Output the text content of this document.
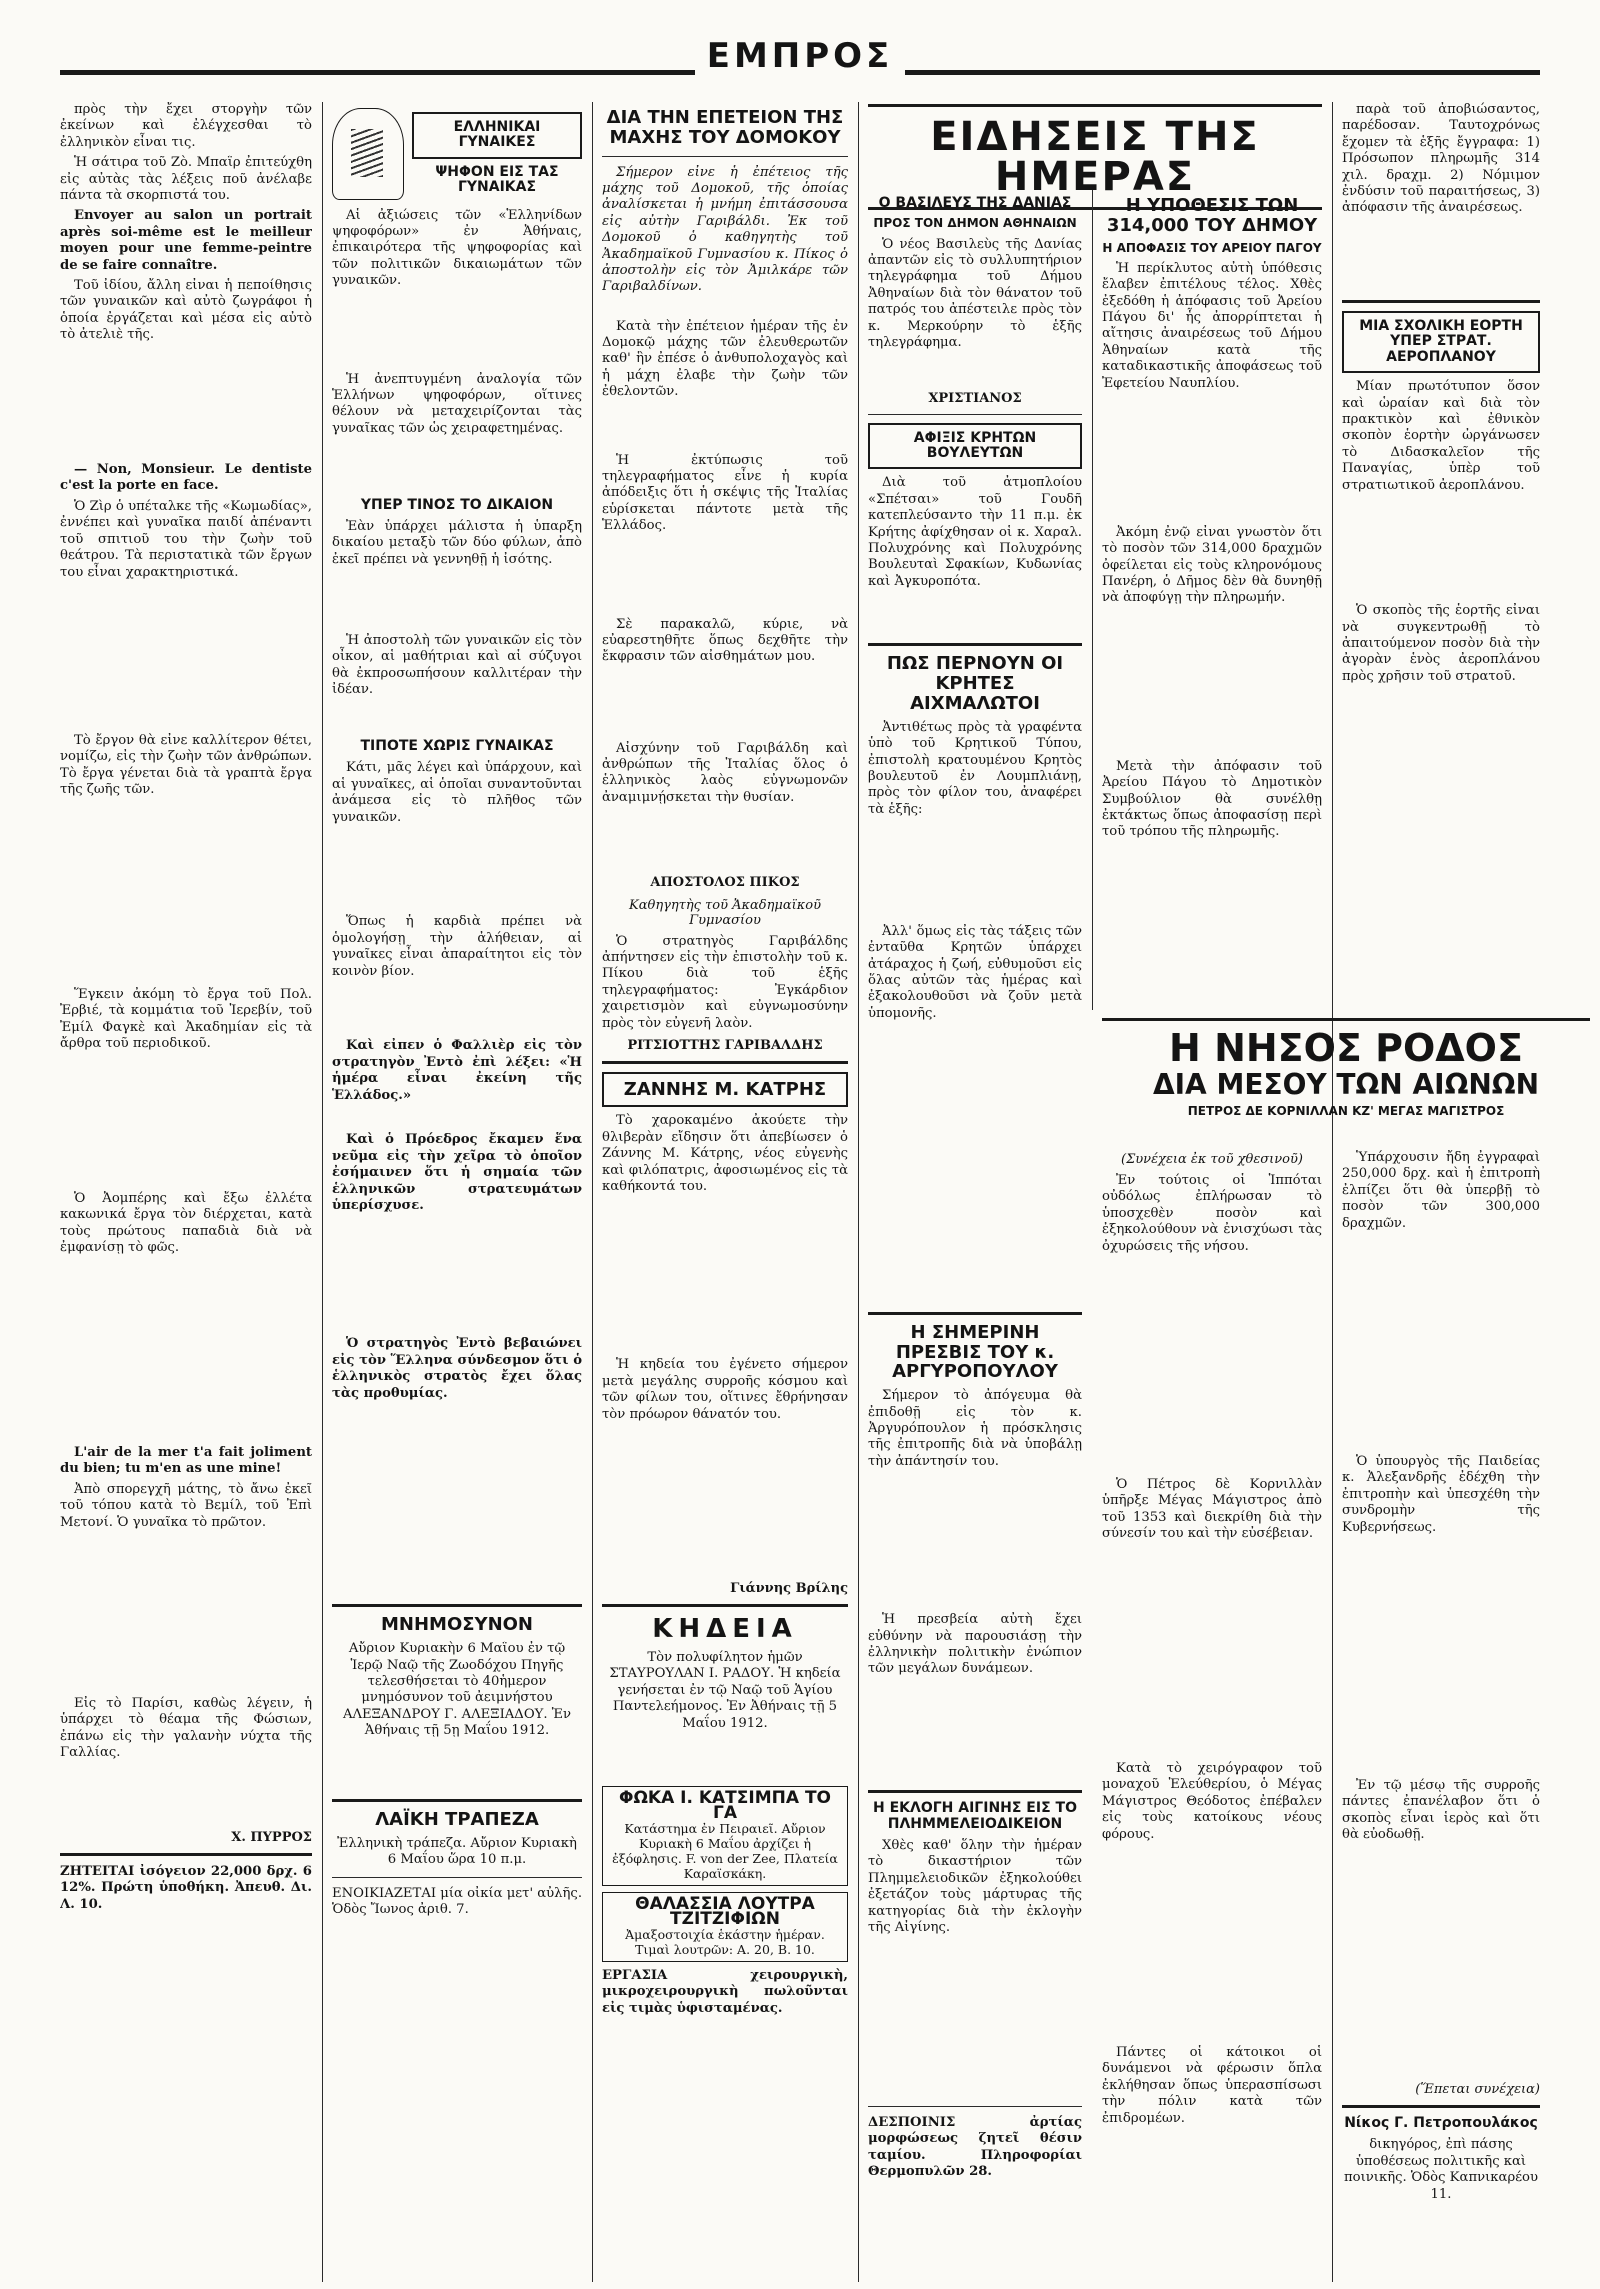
ΕΜΠΡΟΣ

πρὸς τὴν ἔχει στοργὴν τῶν ἐκείνων καὶ ἐλέγχεσθαι τὸ ἐλληνικὸν εἶναι τις.

Ἡ σάτιρα τοῦ Ζὸ. Μπαΐρ ἐπιτεύχθη εἰς αὐτὰς τὰς λέξεις ποῦ ἀνέλαβε πάντα τὰ σκορπιστά του.

Envoyer au salon un portrait après soi-même est le meilleur moyen pour une femme-peintre de se faire connaître.

Τοῦ ἰδίου, ἄλλη εἶναι ἡ πεποίθησις τῶν γυναικῶν καὶ αὐτὸ ζωγράφοι ἡ ὁποία ἐργάζεται καὶ μέσα εἰς αὐτὸ τὸ ἀτελιὲ τῆς.

— Non, Monsieur. Le dentiste c'est la porte en face.

Ὁ Ζὶρ ὁ υπέταλκε τῆς «Κωμωδίας», ἐννέπει καὶ γυναῖκα παιδί ἀπέναντι τοῦ σπιτιοῦ του τὴν ζωὴν τοῦ θεάτρου. Τὰ περιστατικὰ τῶν ἔργων του εἶναι χαρακτηριστικά.

Τὸ ἔργον θὰ εἶνε καλλίτερον θέτει, νομίζω, εἰς τὴν ζωὴν τῶν ἀνθρώπων. Τὸ ἔργα γένεται διὰ τὰ γραπτὰ ἔργα τῆς ζωῆς τῶν.

Ἕγκειν ἀκόμη τὸ ἔργα τοῦ Πολ. Ἐρβιέ, τὰ κομμάτια τοῦ Ἰερεβίν, τοῦ Ἐμίλ Φαγκὲ καὶ Ἀκαδημίαν εἰς τὰ ἄρθρα τοῦ περιοδικοῦ.

Ὁ Ἀομπέρης καὶ ἔξω ἐλλέτα κακωνικά ἔργα τὸν διέρχεται, κατὰ τοὺς πρώτους παπαδιὰ διὰ νὰ ἐμφανίσῃ τὸ φῶς.

L'air de la mer t'a fait joliment du bien; tu m'en as une mine!

Ἀπὸ σπορεγχῆ μάτης, τὸ ἄνω ἐκεῖ τοῦ τόπου κατὰ τὸ Βεμίλ, τοῦ Ἐπὶ Μετονί. Ὁ γυναῖκα τὸ πρῶτον.

Εἰς τὸ Παρίσι, καθὼς λέγειν, ἡ ὑπάρχει τὸ θέαμα τῆς Φώσιων, ἐπάνω εἰς τὴν γαλανὴν νύχτα τῆς Γαλλίας.

Χ. ΠΥΡΡΟΣ

ΖΗΤΕΙΤΑΙ ἰσόγειον 22,000 δρχ. 6 12%. Πρώτη ὑποθήκη. Ἀπευθ. Δι. Λ. 10.

ΕΛΛΗΝΙΚΑΙ ΓΥΝΑΙΚΕΣ
ΨΗΦΟΝ ΕΙΣ ΤΑΣ ΓΥΝΑΙΚΑΣ

Αἱ ἀξιώσεις τῶν «Ἑλληνίδων ψηφοφόρων» ἐν Ἀθήναις, ἐπικαιρότερα τῆς ψηφοφορίας καὶ τῶν πολιτικῶν δικαιωμάτων τῶν γυναικῶν.

Ἡ ἀνεπτυγμένη ἀναλογία τῶν Ἑλλήνων ψηφοφόρων, οἵτινες θέλουν νὰ μεταχειρίζονται τὰς γυναῖκας τῶν ὡς χειραφετημένας.

ΥΠΕΡ ΤΙΝΟΣ ΤΟ ΔΙΚΑΙΟΝ

Ἐὰν ὑπάρχει μάλιστα ἡ ὑπαρξη δικαίου μεταξὺ τῶν δύο φύλων, ἀπὸ ἐκεῖ πρέπει νὰ γεννηθῇ ἡ ἰσότης.

Ἡ ἀποστολὴ τῶν γυναικῶν εἰς τὸν οἶκον, αἱ μαθήτριαι καὶ αἱ σύζυγοι θὰ ἐκπροσωπήσουν καλλιτέραν τὴν ἰδέαν.

ΤΙΠΟΤΕ ΧΩΡΙΣ ΓΥΝΑΙΚΑΣ

Κάτι, μᾶς λέγει καὶ ὑπάρχουν, καὶ αἱ γυναῖκες, αἱ ὁποῖαι συναντοῦνται ἀνάμεσα εἰς τὸ πλῆθος τῶν γυναικῶν.

Ὅπως ἡ καρδιὰ πρέπει νὰ ὁμολογήσῃ τὴν ἀλήθειαν, αἱ γυναῖκες εἶναι ἀπαραίτητοι εἰς τὸν κοινὸν βίον.

Καὶ εἶπεν ὁ Φαλλιὲρ εἰς τὸν στρατηγὸν Ἐντὸ ἐπὶ λέξει: «Ἡ ἡμέρα εἶναι ἐκείνη τῆς Ἑλλάδος.»

Καὶ ὁ Πρόεδρος ἔκαμεν ἕνα νεῦμα εἰς τὴν χεῖρα τὸ ὁποῖον ἐσήμαινεν ὅτι ἡ σημαία τῶν ἑλληνικῶν στρατευμάτων ὑπερίσχυσε.

Ὁ στρατηγὸς Ἐντὸ βεβαιώνει εἰς τὸν Ἕλληνα σύνδεσμον ὅτι ὁ ἑλληνικὸς στρατὸς ἔχει ὅλας τὰς προθυμίας.

ΜΝΗΜΟΣΥΝΟΝ

Αὔριον Κυριακὴν 6 Μαΐου ἐν τῷ Ἱερῷ Ναῷ τῆς Ζωοδόχου Πηγῆς τελεσθήσεται τὸ 40ἡμερον μνημόσυνον τοῦ ἀειμνήστου ΑΛΕΞΑΝΔΡΟΥ Γ. ΑΛΕΞΙΑΔΟΥ. Ἐν Ἀθήναις τῇ 5ῃ Μαΐου 1912.

ΛΑΪΚΗ ΤΡΑΠΕΖΑ

Ἐλληνικὴ τράπεζα. Αὔριον Κυριακὴ 6 Μαΐου ὥρα 10 π.μ.

ΕΝΟΙΚΙΑΖΕΤΑΙ μία οἰκία μετ' αὐλῆς. Ὁδὸς Ἴωνος ἀριθ. 7.

ΔΙΑ ΤΗΝ ΕΠΕΤΕΙΟΝ ΤΗΣ ΜΑΧΗΣ ΤΟΥ ΔΟΜΟΚΟΥ

Σήμερον εἶνε ἡ ἐπέτειος τῆς μάχης τοῦ Δομοκοῦ, τῆς ὁποίας ἀναλίσκεται ἡ μνήμη ἐπιτάσσουσα εἰς αὐτὴν Γαριβάλδι. Ἐκ τοῦ Δομοκοῦ ὁ καθηγητὴς τοῦ Ἀκαδημαϊκοῦ Γυμνασίου κ. Πίκος ὁ ἀποστολὴν εἰς τὸν Ἀμιλκάρε τῶν Γαριβαλδίνων.

Κατὰ τὴν ἐπέτειον ἡμέραν τῆς ἐν Δομοκῷ μάχης τῶν ἐλευθερωτῶν καθ' ἣν ἐπέσε ὁ ἀνθυπολοχαγὸς καὶ ἡ μάχη ἐλαβε τὴν ζωὴν τῶν ἐθελοντῶν.

Ἡ ἐκτύπωσις τοῦ τηλεγραφήματος εἶνε ἡ κυρία ἀπόδειξις ὅτι ἡ σκέψις τῆς Ἰταλίας εὑρίσκεται πάντοτε μετὰ τῆς Ἑλλάδος.

Σὲ παρακαλῶ, κύριε, νὰ εὐαρεστηθῆτε ὅπως δεχθῆτε τὴν ἔκφρασιν τῶν αἰσθημάτων μου.

Αἰσχύνην τοῦ Γαριβάλδη καὶ ἀνθρώπων τῆς Ἰταλίας ὅλος ὁ ἑλληνικὸς λαὸς εὐγνωμονῶν ἀναμιμνῄσκεται τὴν θυσίαν.

ΑΠΟΣΤΟΛΟΣ ΠΙΚΟΣ
Καθηγητὴς τοῦ Ἀκαδημαϊκοῦ Γυμνασίου

Ὁ στρατηγὸς Γαριβάλδης ἀπήντησεν εἰς τὴν ἐπιστολὴν τοῦ κ. Πίκου διὰ τοῦ ἑξῆς τηλεγραφήματος: Ἐγκάρδιον χαιρετισμὸν καὶ εὐγνωμοσύνην πρὸς τὸν εὐγενῆ λαὸν.

ΡΙΤΣΙΟΤΤΗΣ ΓΑΡΙΒΑΛΔΗΣ
ΖΑΝΝΗΣ Μ. ΚΑΤΡΗΣ

Τὸ χαροκαμένο ἀκούετε τὴν θλιβερὰν εἴδησιν ὅτι ἀπεβίωσεν ὁ Ζάννης Μ. Κάτρης, νέος εὐγενὴς καὶ φιλόπατρις, ἀφοσιωμένος εἰς τὰ καθήκοντά του.

Ἡ κηδεία του ἐγένετο σήμερον μετὰ μεγάλης συρροῆς κόσμου καὶ τῶν φίλων του, οἵτινες ἔθρήνησαν τὸν πρόωρον θάνατόν του.

Γιάννης Βρίλης
ΚΗΔΕΙΑ

Τὸν πολυφίλητον ἡμῶν ΣΤΑΥΡΟΥΛΑΝ Ι. ΡΑΔΟΥ. Ἡ κηδεία γενήσεται ἐν τῷ Ναῷ τοῦ Ἁγίου Παντελεήμονος. Ἐν Ἀθήναις τῇ 5 Μαΐου 1912.

ΦΩΚΑ Ι. ΚΑΤΣΙΜΠΑ ΤΟ ΓΑ
Κατάστημα ἐν Πειραιεῖ. Αὔριον Κυριακὴ 6 Μαΐου ἀρχίζει ἡ ἐξόφλησις. F. von der Zee, Πλατεία Καραϊσκάκη.
ΘΑΛΑΣΣΙΑ ΛΟΥΤΡΑ ΤΖΙΤΖΙΦΙΩΝ
Ἀμαξοστοιχία ἑκάστην ἡμέραν. Τιμαὶ λουτρῶν: Α. 20, Β. 10.

ΕΡΓΑΣΙΑ χειρουργικὴ, μικροχειρουργικὴ πωλοῦνται εἰς τιμὰς ὑφισταμένας.

ΕΙΔΗΣΕΙΣ ΤΗΣ ΗΜΕΡΑΣ
Ο ΒΑΣΙΛΕΥΣ ΤΗΣ ΔΑΝΙΑΣ
ΠΡΟΣ ΤΟΝ ΔΗΜΟΝ ΑΘΗΝΑΙΩΝ

Ὁ νέος Βασιλεὺς τῆς Δανίας ἀπαντῶν εἰς τὸ συλλυπητήριον τηλεγράφημα τοῦ Δήμου Ἀθηναίων διὰ τὸν θάνατον τοῦ πατρός του ἀπέστειλε πρὸς τὸν κ. Μερκούρην τὸ ἑξῆς τηλεγράφημα.

ΧΡΙΣΤΙΑΝΟΣ
ΑΦΙΞΙΣ ΚΡΗΤΩΝ ΒΟΥΛΕΥΤΩΝ

Διὰ τοῦ ἀτμοπλοίου «Σπέτσαι» τοῦ Γουδῆ κατεπλεύσαντο τὴν 11 π.μ. ἐκ Κρήτης ἀφίχθησαν οἱ κ. Χαραλ. Πολυχρόνης καὶ Πολυχρόνης Βουλευταὶ Σφακίων, Κυδωνίας καὶ Ἀγκυροπότα.

ΠΩΣ ΠΕΡΝΟΥΝ ΟΙ ΚΡΗΤΕΣ ΑΙΧΜΑΛΩΤΟΙ

Ἀντιθέτως πρὸς τὰ γραφέντα ὑπὸ τοῦ Κρητικοῦ Τύπου, ἐπιστολὴ κρατουμένου Κρητὸς βουλευτοῦ ἐν Λουμπλιάνῃ, πρὸς τὸν φίλον του, ἀναφέρει τὰ ἑξῆς:

Ἀλλ' ὅμως εἰς τὰς τάξεις τῶν ἐνταῦθα Κρητῶν ὑπάρχει ἀτάραχος ἡ ζωή, εὐθυμοῦσι εἰς ὅλας αὐτῶν τὰς ἡμέρας καὶ ἐξακολουθοῦσι νὰ ζοῦν μετὰ ὑπομονῆς.

Η ΣΗΜΕΡΙΝΗ ΠΡΕΣΒΙΣ ΤΟΥ κ. ΑΡΓΥΡΟΠΟΥΛΟΥ

Σήμερον τὸ ἀπόγευμα θὰ ἐπιδοθῇ εἰς τὸν κ. Ἀργυρόπουλον ἡ πρόσκλησις τῆς ἐπιτροπῆς διὰ νὰ ὑποβάλῃ τὴν ἀπάντησίν του.

Ἡ πρεσβεία αὐτὴ ἔχει εὐθύνην νὰ παρουσιάσῃ τὴν ἐλληνικὴν πολιτικὴν ἐνώπιον τῶν μεγάλων δυνάμεων.

Η ΕΚΛΟΓΗ ΑΙΓΙΝΗΣ ΕΙΣ ΤΟ ΠΛΗΜΜΕΛΕΙΟΔΙΚΕΙΟΝ

Χθὲς καθ' ὅλην τὴν ἡμέραν τὸ δικαστήριον τῶν Πλημμελειοδικῶν ἐξηκολούθει ἐξετάζον τοὺς μάρτυρας τῆς κατηγορίας διὰ τὴν ἐκλογὴν τῆς Αἰγίνης.

ΔΕΣΠΟΙΝΙΣ ἀρτίας μορφώσεως ζητεῖ θέσιν ταμίου. Πληροφορίαι Θερμοπυλῶν 28.

Η ΥΠΟΘΕΣΙΣ ΤΩΝ 314,000 ΤΟΥ ΔΗΜΟΥ
Η ΑΠΟΦΑΣΙΣ ΤΟΥ ΑΡΕΙΟΥ ΠΑΓΟΥ

Ἡ περίκλυτος αὐτὴ ὑπόθεσις ἔλαβεν ἐπιτέλους τέλος. Χθὲς ἐξεδόθη ἡ ἀπόφασις τοῦ Ἀρείου Πάγου δι' ἧς ἀπορρίπτεται ἡ αἴτησις ἀναιρέσεως τοῦ Δήμου Ἀθηναίων κατὰ τῆς καταδικαστικῆς ἀποφάσεως τοῦ Ἐφετείου Ναυπλίου.

Ἀκόμη ἐνῷ εἶναι γνωστὸν ὅτι τὸ ποσὸν τῶν 314,000 δραχμῶν ὀφείλεται εἰς τοὺς κληρονόμους Πανέρη, ὁ Δῆμος δὲν θὰ δυνηθῇ νὰ ἀποφύγῃ τὴν πληρωμήν.

Μετὰ τὴν ἀπόφασιν τοῦ Ἀρείου Πάγου τὸ Δημοτικὸν Συμβούλιον θὰ συνέλθῃ ἐκτάκτως ὅπως ἀποφασίσῃ περὶ τοῦ τρόπου τῆς πληρωμῆς.

Η ΝΗΣΟΣ ΡΟΔΟΣ
ΔΙΑ ΜΕΣΟΥ ΤΩΝ ΑΙΩΝΩΝ
ΠΕΤΡΟΣ ΔΕ ΚΟΡΝΙΛΛΑΝ ΚΖ' ΜΕΓΑΣ ΜΑΓΙΣΤΡΟΣ
(Συνέχεια ἐκ τοῦ χθεσινοῦ)

Ἐν τούτοις οἱ Ἱππόται οὐδόλως ἐπλήρωσαν τὸ ὑποσχεθὲν ποσὸν καὶ ἐξηκολούθουν νὰ ἐνισχύωσι τὰς ὀχυρώσεις τῆς νήσου.

Ὁ Πέτρος δὲ Κορνιλλὰν ὑπῆρξε Μέγας Μάγιστρος ἀπὸ τοῦ 1353 καὶ διεκρίθη διὰ τὴν σύνεσίν του καὶ τὴν εὐσέβειαν.

Κατὰ τὸ χειρόγραφον τοῦ μοναχοῦ Ἐλεύθερίου, ὁ Μέγας Μάγιστρος Θεόδοτος ἐπέβαλεν εἰς τοὺς κατοίκους νέους φόρους.

Πάντες οἱ κάτοικοι οἱ δυνάμενοι νὰ φέρωσιν ὅπλα ἐκλήθησαν ὅπως ὑπερασπίσωσι τὴν πόλιν κατὰ τῶν ἐπιδρομέων.

παρὰ τοῦ ἀποβιώσαντος, παρέδοσαν. Ταυτοχρόνως ἔχομεν τὰ ἑξῆς ἔγγραφα: 1) Πρόσωπον πληρωμῆς 314 χιλ. δραχμ. 2) Νόμιμον ἐνδύσιν τοῦ παραιτήσεως, 3) ἀπόφασιν τῆς ἀναιρέσεως.

ΜΙΑ ΣΧΟΛΙΚΗ ΕΟΡΤΗ ΥΠΕΡ ΣΤΡΑΤ. ΑΕΡΟΠΛΑΝΟΥ

Μίαν πρωτότυπον ὅσον καὶ ὡραίαν καὶ διὰ τὸν πρακτικὸν καὶ ἐθνικὸν σκοπὸν ἑορτὴν ὠργάνωσεν τὸ Διδασκαλεῖον τῆς Παναγίας, ὑπὲρ τοῦ στρατιωτικοῦ ἀεροπλάνου.

Ὁ σκοπὸς τῆς ἑορτῆς εἶναι νὰ συγκεντρωθῇ τὸ ἀπαιτούμενον ποσὸν διὰ τὴν ἀγορὰν ἑνὸς ἀεροπλάνου πρὸς χρῆσιν τοῦ στρατοῦ.

Ὑπάρχουσιν ἤδη ἐγγραφαὶ 250,000 δρχ. καὶ ἡ ἐπιτροπὴ ἐλπίζει ὅτι θὰ ὑπερβῇ τὸ ποσὸν τῶν 300,000 δραχμῶν.

Ὁ ὑπουργὸς τῆς Παιδείας κ. Ἀλεξανδρῆς ἐδέχθη τὴν ἐπιτροπὴν καὶ ὑπεσχέθη τὴν συνδρομὴν τῆς Κυβερνήσεως.

Ἐν τῷ μέσῳ τῆς συρροῆς πάντες ἐπανέλαβον ὅτι ὁ σκοπὸς εἶναι ἱερὸς καὶ ὅτι θὰ εὐοδωθῇ.

(Ἕπεται συνέχεια)
Νίκος Γ. Πετροπουλάκος

δικηγόρος, ἐπὶ πάσης ὑποθέσεως πολιτικῆς καὶ ποινικῆς. Ὁδὸς Καπνικαρέου 11.
